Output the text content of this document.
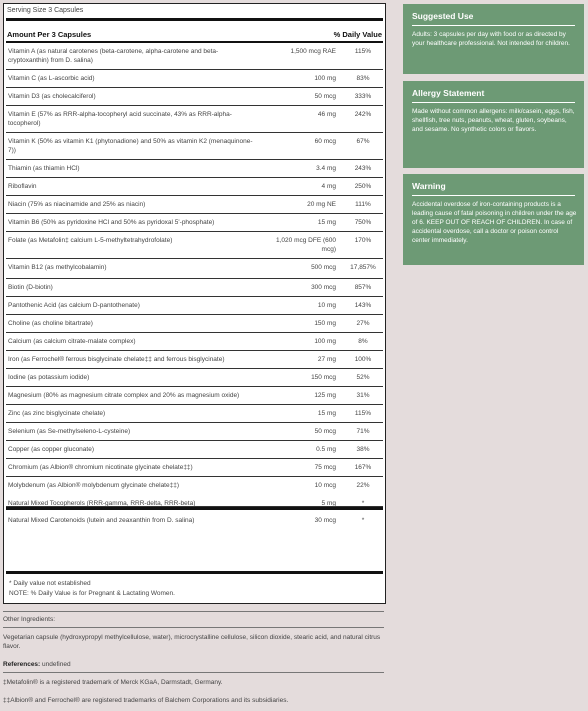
Serving Size 3 Capsules
Amount Per 3 Capsules	% Daily Value
Vitamin A (as natural carotenes (beta-carotene, alpha-carotene and beta-cryptoxanthin) from D. salina)
1,500 mcg RAE	115%
Vitamin C (as L-ascorbic acid)	100 mg	83%
Vitamin D3 (as cholecalciferol)	50 mcg	333%
Vitamin E (57% as RRR-alpha-tocopheryl acid succinate, 43% as RRR-alpha-tocopherol)
46 mg	242%
Vitamin K (50% as vitamin K1 (phytonadione) and 50% as vitamin K2 (menaquinone-7))
60 mcg	67%
Thiamin (as thiamin HCl)	3.4 mg	243%
Riboflavin	4 mg	250%
Niacin (75% as niacinamide and 25% as niacin)	20 mg NE	111%
Vitamin B6 (50% as pyridoxine HCl and 50% as pyridoxal 5'-phosphate)	15 mg	750%
Folate (as Metafolin‡ calcium L-5-methyltetrahydrofolate)	1,020 mcg DFE (600 mcg)
170%
Vitamin B12 (as methylcobalamin)	500 mcg	17,857%
Biotin (D-biotin)	300 mcg	857%
Pantothenic Acid (as calcium D-pantothenate)	10 mg	143%
Choline (as choline bitartrate)	150 mg	27%
Calcium (as calcium citrate-malate complex)	100 mg	8%
Iron (as Ferrochel® ferrous bisglycinate chelate‡‡ and ferrous bisglycinate)	27 mg	100%
Iodine (as potassium iodide)	150 mcg	52%
Magnesium (80% as magnesium citrate complex and 20% as magnesium oxide)	125 mg	31%
Zinc (as zinc bisglycinate chelate)	15 mg	115%
Selenium (as Se-methylseleno-L-cysteine)	50 mcg	71%
Copper (as copper gluconate)	0.5 mg	38%
Chromium (as Albion® chromium nicotinate glycinate chelate‡‡)	75 mcg	167%
Molybdenum (as Albion® molybdenum glycinate chelate‡‡)	10 mcg	22%
Natural Mixed Tocopherols (RRR-gamma, RRR-delta, RRR-beta)	5 mg	*
Natural Mixed Carotenoids (lutein and zeaxanthin from D. salina)	30 mcg	*
* Daily value not established
NOTE: % Daily Value is for Pregnant & Lactating Women.
Suggested Use
Adults: 3 capsules per day with food or as directed by your healthcare professional. Not intended for children.
Allergy Statement
Made without common allergens: milk/casein, eggs, fish, shellfish, tree nuts, peanuts, wheat, gluten, soybeans, and sesame. No synthetic colors or flavors.
Warning
Accidental overdose of iron-containing products is a leading cause of fatal poisoning in children under the age of 6. KEEP OUT OF REACH OF CHILDREN. In case of accidental overdose, call a doctor or poison control center immediately.
Other Ingredients:
Vegetarian capsule (hydroxypropyl methylcellulose, water), microcrystalline cellulose, silicon dioxide, stearic acid, and natural citrus flavor.
References: undefined
‡Metafolin® is a registered trademark of Merck KGaA, Darmstadt, Germany.
‡‡Albion® and Ferrochel® are registered trademarks of Balchem Corporations and its subsidiaries.
